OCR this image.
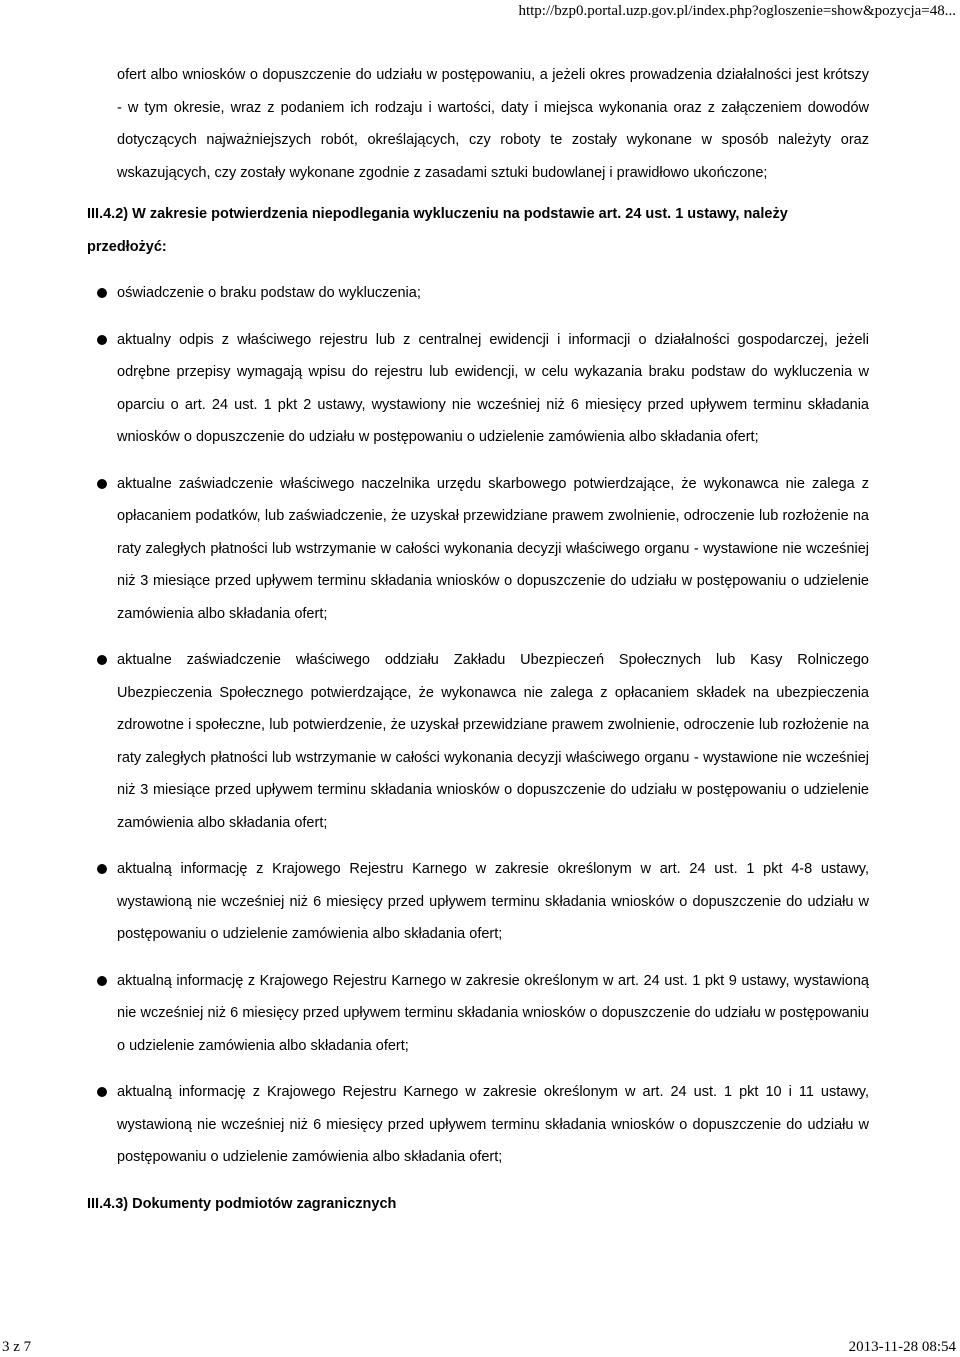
http://bzp0.portal.uzp.gov.pl/index.php?ogloszenie=show&pozycja=48...

ofert albo wniosków o dopuszczenie do udziału w postępowaniu, a jeżeli okres prowadzenia działalności jest krótszy - w tym okresie, wraz z podaniem ich rodzaju i wartości, daty i miejsca wykonania oraz z załączeniem dowodów dotyczących najważniejszych robót, określających, czy roboty te zostały wykonane w sposób należyty oraz wskazujących, czy zostały wykonane zgodnie z zasadami sztuki budowlanej i prawidłowo ukończone;

III.4.2) W zakresie potwierdzenia niepodlegania wykluczeniu na podstawie art. 24 ust. 1 ustawy, należy przedłożyć:

oświadczenie o braku podstaw do wykluczenia;
aktualny odpis z właściwego rejestru lub z centralnej ewidencji i informacji o działalności gospodarczej, jeżeli odrębne przepisy wymagają wpisu do rejestru lub ewidencji, w celu wykazania braku podstaw do wykluczenia w oparciu o art. 24 ust. 1 pkt 2 ustawy, wystawiony nie wcześniej niż 6 miesięcy przed upływem terminu składania wniosków o dopuszczenie do udziału w postępowaniu o udzielenie zamówienia albo składania ofert;
aktualne zaświadczenie właściwego naczelnika urzędu skarbowego potwierdzające, że wykonawca nie zalega z opłacaniem podatków, lub zaświadczenie, że uzyskał przewidziane prawem zwolnienie, odroczenie lub rozłożenie na raty zaległych płatności lub wstrzymanie w całości wykonania decyzji właściwego organu - wystawione nie wcześniej niż 3 miesiące przed upływem terminu składania wniosków o dopuszczenie do udziału w postępowaniu o udzielenie zamówienia albo składania ofert;
aktualne zaświadczenie właściwego oddziału Zakładu Ubezpieczeń Społecznych lub Kasy Rolniczego Ubezpieczenia Społecznego potwierdzające, że wykonawca nie zalega z opłacaniem składek na ubezpieczenia zdrowotne i społeczne, lub potwierdzenie, że uzyskał przewidziane prawem zwolnienie, odroczenie lub rozłożenie na raty zaległych płatności lub wstrzymanie w całości wykonania decyzji właściwego organu - wystawione nie wcześniej niż 3 miesiące przed upływem terminu składania wniosków o dopuszczenie do udziału w postępowaniu o udzielenie zamówienia albo składania ofert;
aktualną informację z Krajowego Rejestru Karnego w zakresie określonym w art. 24 ust. 1 pkt 4-8 ustawy, wystawioną nie wcześniej niż 6 miesięcy przed upływem terminu składania wniosków o dopuszczenie do udziału w postępowaniu o udzielenie zamówienia albo składania ofert;
aktualną informację z Krajowego Rejestru Karnego w zakresie określonym w art. 24 ust. 1 pkt 9 ustawy, wystawioną nie wcześniej niż 6 miesięcy przed upływem terminu składania wniosków o dopuszczenie do udziału w postępowaniu o udzielenie zamówienia albo składania ofert;
aktualną informację z Krajowego Rejestru Karnego w zakresie określonym w art. 24 ust. 1 pkt 10 i 11 ustawy, wystawioną nie wcześniej niż 6 miesięcy przed upływem terminu składania wniosków o dopuszczenie do udziału w postępowaniu o udzielenie zamówienia albo składania ofert;

III.4.3) Dokumenty podmiotów zagranicznych

3 z 7	2013-11-28 08:54
